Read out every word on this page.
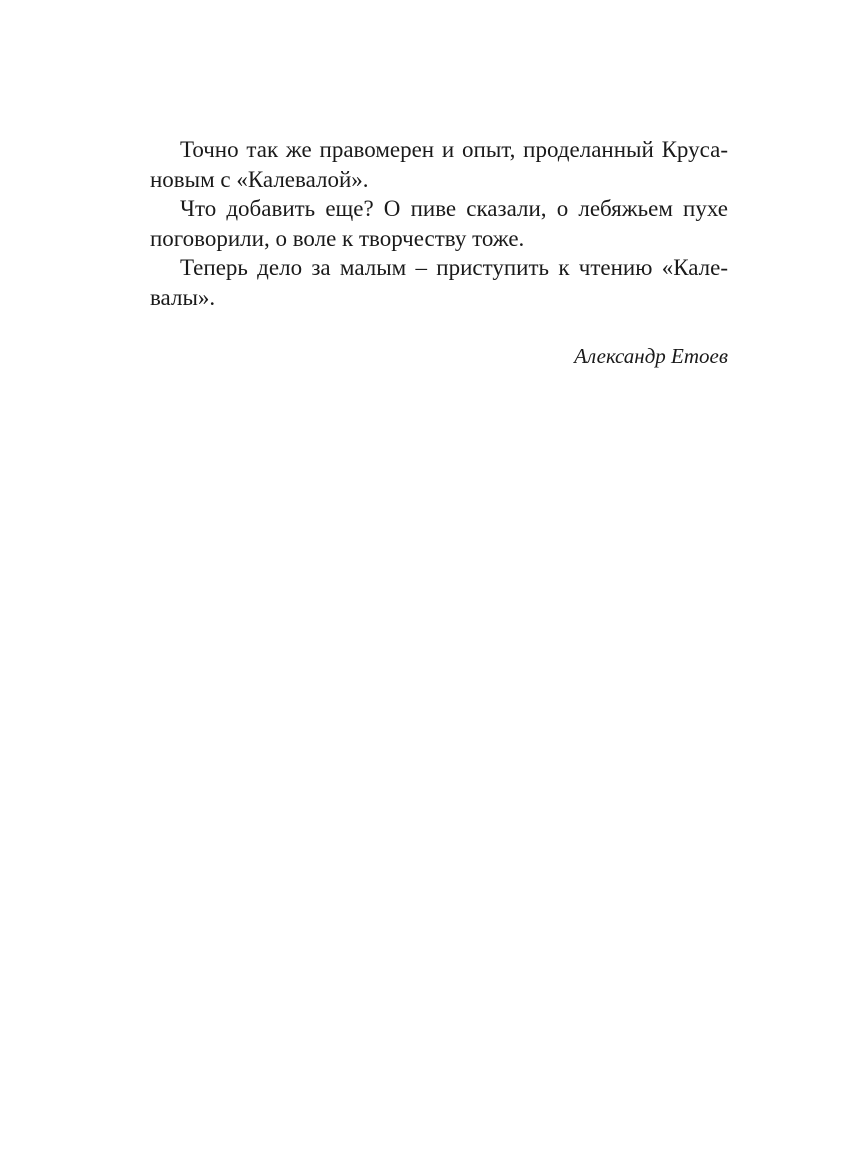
Точно так же правомерен и опыт, проделанный Круса-

новым с «Калевалой».

Что добавить еще? О пиве сказали, о лебяжьем пухе

поговорили, о воле к творчеству тоже.

Теперь дело за малым – приступить к чтению «Кале-

валы».

Александр Етоев
